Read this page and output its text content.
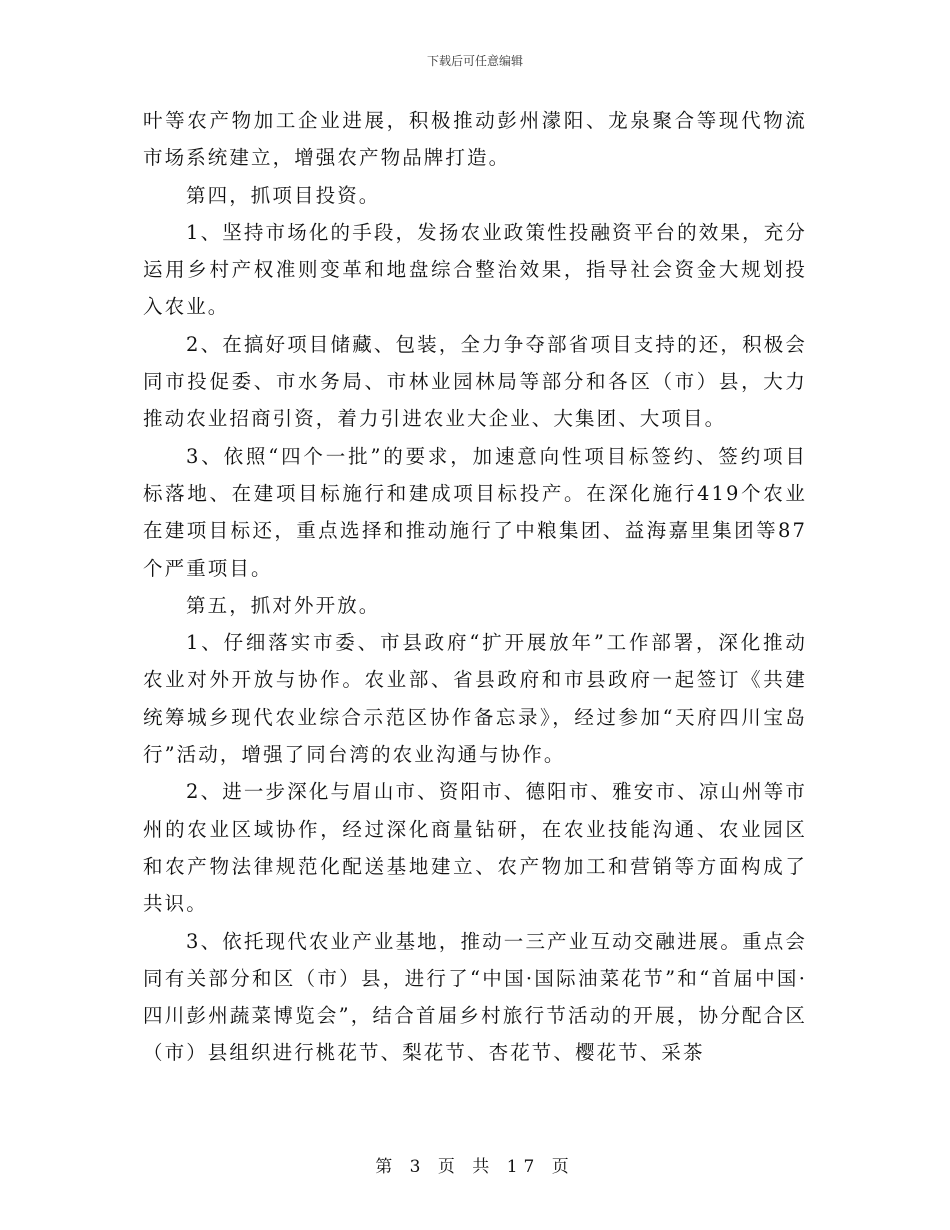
下载后可任意编辑

叶等农产物加工企业进展，积极推动彭州濛阳、龙泉聚合等现代物流市场系统建立，增强农产物品牌打造。

第四，抓项目投资。

1、坚持市场化的手段，发扬农业政策性投融资平台的效果，充分运用乡村产权准则变革和地盘综合整治效果，指导社会资金大规划投入农业。

2、在搞好项目储藏、包装，全力争夺部省项目支持的还，积极会同市投促委、市水务局、市林业园林局等部分和各区（市）县，大力推动农业招商引资，着力引进农业大企业、大集团、大项目。

3、依照“四个一批”的要求，加速意向性项目标签约、签约项目标落地、在建项目标施行和建成项目标投产。在深化施行419个农业在建项目标还，重点选择和推动施行了中粮集团、益海嘉里集团等87个严重项目。

第五，抓对外开放。

1、仔细落实市委、市县政府“扩开展放年”工作部署，深化推动农业对外开放与协作。农业部、省县政府和市县政府一起签订《共建统筹城乡现代农业综合示范区协作备忘录》，经过参加“天府四川宝岛行”活动，增强了同台湾的农业沟通与协作。

2、进一步深化与眉山市、资阳市、德阳市、雅安市、凉山州等市州的农业区域协作，经过深化商量钻研，在农业技能沟通、农业园区和农产物法律规范化配送基地建立、农产物加工和营销等方面构成了共识。

3、依托现代农业产业基地，推动一三产业互动交融进展。重点会同有关部分和区（市）县，进行了“中国·国际油菜花节”和“首届中国·四川彭州蔬菜博览会”，结合首届乡村旅行节活动的开展，协分配合区（市）县组织进行桃花节、梨花节、杏花节、樱花节、采茶

第 3 页 共 17 页
